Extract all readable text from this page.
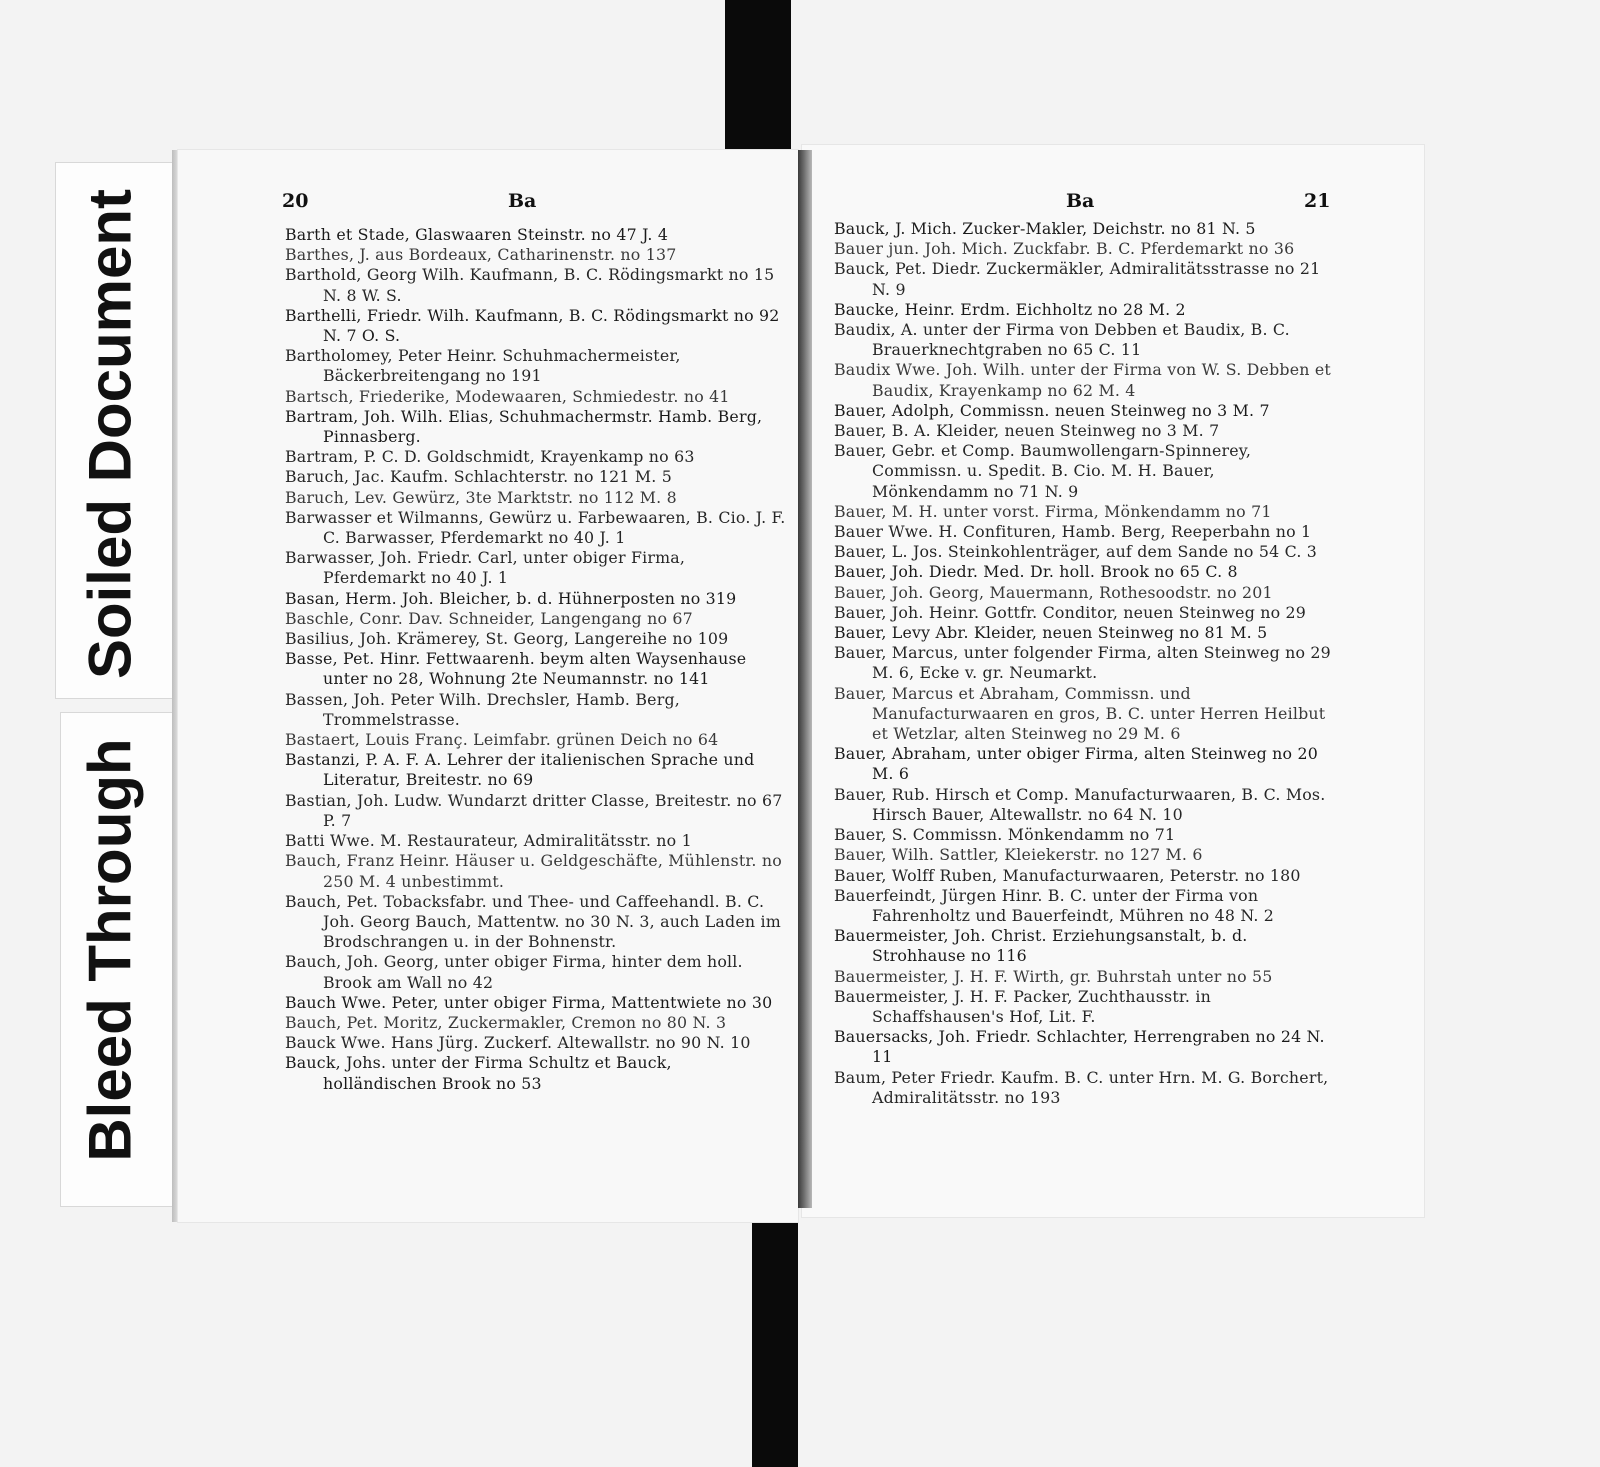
Soiled Document
Bleed Through
20	Ba	Ba	21
Barth et Stade, Glaswaaren Steinstr. no 47 J. 4
Barthes, J. aus Bordeaux, Catharinenstr. no 137
Barthold, Georg Wilh. Kaufmann, B. C. Rödingsmarkt no 15 N. 8 W. S.
Barthelli, Friedr. Wilh. Kaufmann, B. C. Rödingsmarkt no 92 N. 7 O. S.
Bartholomey, Peter Heinr. Schuhmachermeister, Bäckerbreitengang no 191
Bartsch, Friederike, Modewaaren, Schmiedestr. no 41
Bartram, Joh. Wilh. Elias, Schuhmachermstr. Hamb. Berg, Pinnasberg.
Bartram, P. C. D. Goldschmidt, Krayenkamp no 63
Baruch, Jac. Kaufm. Schlachterstr. no 121 M. 5
Baruch, Lev. Gewürz, 3te Marktstr. no 112 M. 8
Barwasser et Wilmanns, Gewürz u. Farbewaaren, B. Cio. J. F. C. Barwasser, Pferdemarkt no 40 J. 1
Barwasser, Joh. Friedr. Carl, unter obiger Firma, Pferdemarkt no 40 J. 1
Basan, Herm. Joh. Bleicher, b. d. Hühnerposten no 319
Baschle, Conr. Dav. Schneider, Langengang no 67
Basilius, Joh. Krämerey, St. Georg, Langereihe no 109
Basse, Pet. Hinr. Fettwaarenh. beym alten Waysenhause unter no 28, Wohnung 2te Neumannstr. no 141
Bassen, Joh. Peter Wilh. Drechsler, Hamb. Berg, Trommelstrasse.
Bastaert, Louis Franç. Leimfabr. grünen Deich no 64
Bastanzi, P. A. F. A. Lehrer der italienischen Sprache und Literatur, Breitestr. no 69
Bastian, Joh. Ludw. Wundarzt dritter Classe, Breitestr. no 67 P. 7
Batti Wwe. M. Restaurateur, Admiralitätsstr. no 1
Bauch, Franz Heinr. Häuser u. Geldgeschäfte, Mühlenstr. no 250 M. 4 unbestimmt.
Bauch, Pet. Tobacksfabr. und Thee- und Caffeehandl. B. C. Joh. Georg Bauch, Mattentw. no 30 N. 3, auch Laden im Brodschrangen u. in der Bohnenstr.
Bauch, Joh. Georg, unter obiger Firma, hinter dem holl. Brook am Wall no 42
Bauch Wwe. Peter, unter obiger Firma, Mattentwiete no 30
Bauch, Pet. Moritz, Zuckermakler, Cremon no 80 N. 3
Bauck Wwe. Hans Jürg. Zuckerf. Altewallstr. no 90 N. 10
Bauck, Johs. unter der Firma Schultz et Bauck, holländischen Brook no 53
Bauck, J. Mich. Zucker-Makler, Deichstr. no 81 N. 5
Bauer jun. Joh. Mich. Zuckfabr. B. C. Pferdemarkt no 36
Bauck, Pet. Diedr. Zuckermäkler, Admiralitätsstrasse no 21 N. 9
Baucke, Heinr. Erdm. Eichholtz no 28 M. 2
Baudix, A. unter der Firma von Debben et Baudix, B. C. Brauerknechtgraben no 65 C. 11
Baudix Wwe. Joh. Wilh. unter der Firma von W. S. Debben et Baudix, Krayenkamp no 62 M. 4
Bauer, Adolph, Commissn. neuen Steinweg no 3 M. 7
Bauer, B. A. Kleider, neuen Steinweg no 3 M. 7
Bauer, Gebr. et Comp. Baumwollengarn-Spinnerey, Commissn. u. Spedit. B. Cio. M. H. Bauer, Mönkendamm no 71 N. 9
Bauer, M. H. unter vorst. Firma, Mönkendamm no 71
Bauer Wwe. H. Confituren, Hamb. Berg, Reeperbahn no 1
Bauer, L. Jos. Steinkohlenträger, auf dem Sande no 54 C. 3
Bauer, Joh. Diedr. Med. Dr. holl. Brook no 65 C. 8
Bauer, Joh. Georg, Mauermann, Rothesoodstr. no 201
Bauer, Joh. Heinr. Gottfr. Conditor, neuen Steinweg no 29
Bauer, Levy Abr. Kleider, neuen Steinweg no 81 M. 5
Bauer, Marcus, unter folgender Firma, alten Steinweg no 29 M. 6, Ecke v. gr. Neumarkt.
Bauer, Marcus et Abraham, Commissn. und Manufacturwaaren en gros, B. C. unter Herren Heilbut et Wetzlar, alten Steinweg no 29 M. 6
Bauer, Abraham, unter obiger Firma, alten Steinweg no 20 M. 6
Bauer, Rub. Hirsch et Comp. Manufacturwaaren, B. C. Mos. Hirsch Bauer, Altewallstr. no 64 N. 10
Bauer, S. Commissn. Mönkendamm no 71
Bauer, Wilh. Sattler, Kleiekerstr. no 127 M. 6
Bauer, Wolff Ruben, Manufacturwaaren, Peterstr. no 180
Bauerfeindt, Jürgen Hinr. B. C. unter der Firma von Fahrenholtz und Bauerfeindt, Mühren no 48 N. 2
Bauermeister, Joh. Christ. Erziehungsanstalt, b. d. Strohhause no 116
Bauermeister, J. H. F. Wirth, gr. Buhrstah unter no 55
Bauermeister, J. H. F. Packer, Zuchthausstr. in Schaffshausen's Hof, Lit. F.
Bauersacks, Joh. Friedr. Schlachter, Herrengraben no 24 N. 11
Baum, Peter Friedr. Kaufm. B. C. unter Hrn. M. G. Borchert, Admiralitätsstr. no 193
